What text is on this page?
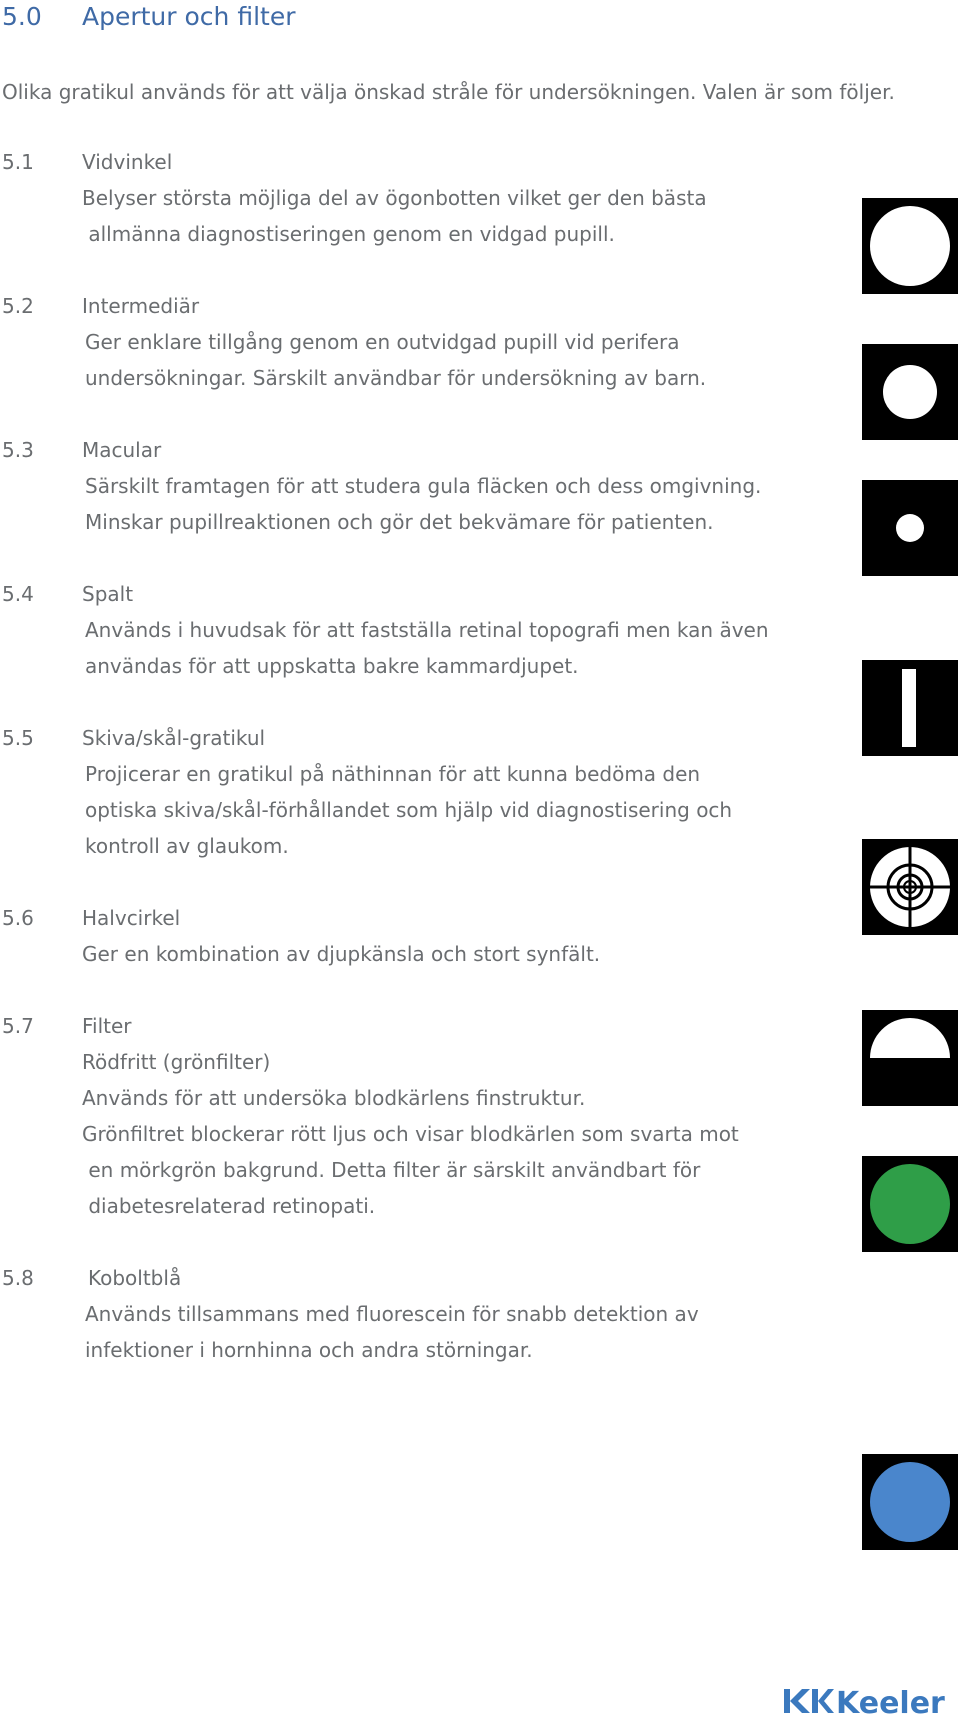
5.0 Apertur och filter
Olika gratikul används för att välja önskad stråle för undersökningen. Valen är som följer.
5.1 Vidvinkel
Belyser största möjliga del av ögonbotten vilket ger den bästa
allmänna diagnostiseringen genom en vidgad pupill.
5.2 Intermediär
Ger enklare tillgång genom en outvidgad pupill vid perifera
undersökningar. Särskilt användbar för undersökning av barn.
5.3 Macular
Särskilt framtagen för att studera gula fläcken och dess omgivning.
Minskar pupillreaktionen och gör det bekvämare för patienten.
5.4 Spalt
Används i huvudsak för att fastställa retinal topografi men kan även
användas för att uppskatta bakre kammardjupet.
5.5 Skiva/skål-gratikul
Projicerar en gratikul på näthinnan för att kunna bedöma den
optiska skiva/skål-förhållandet som hjälp vid diagnostisering och
kontroll av glaukom.
5.6 Halvcirkel
Ger en kombination av djupkänsla och stort synfält.
5.7 Filter
Rödfritt (grönfilter)
Används för att undersöka blodkärlens finstruktur.
Grönfiltret blockerar rött ljus och visar blodkärlen som svarta mot
en mörkgrön bakgrund. Detta filter är särskilt användbart för
diabetesrelaterad retinopati.
5.8	Koboltblå
Används tillsammans med fluorescein för snabb detektion av
infektioner i hornhinna och andra störningar.
Keeler
